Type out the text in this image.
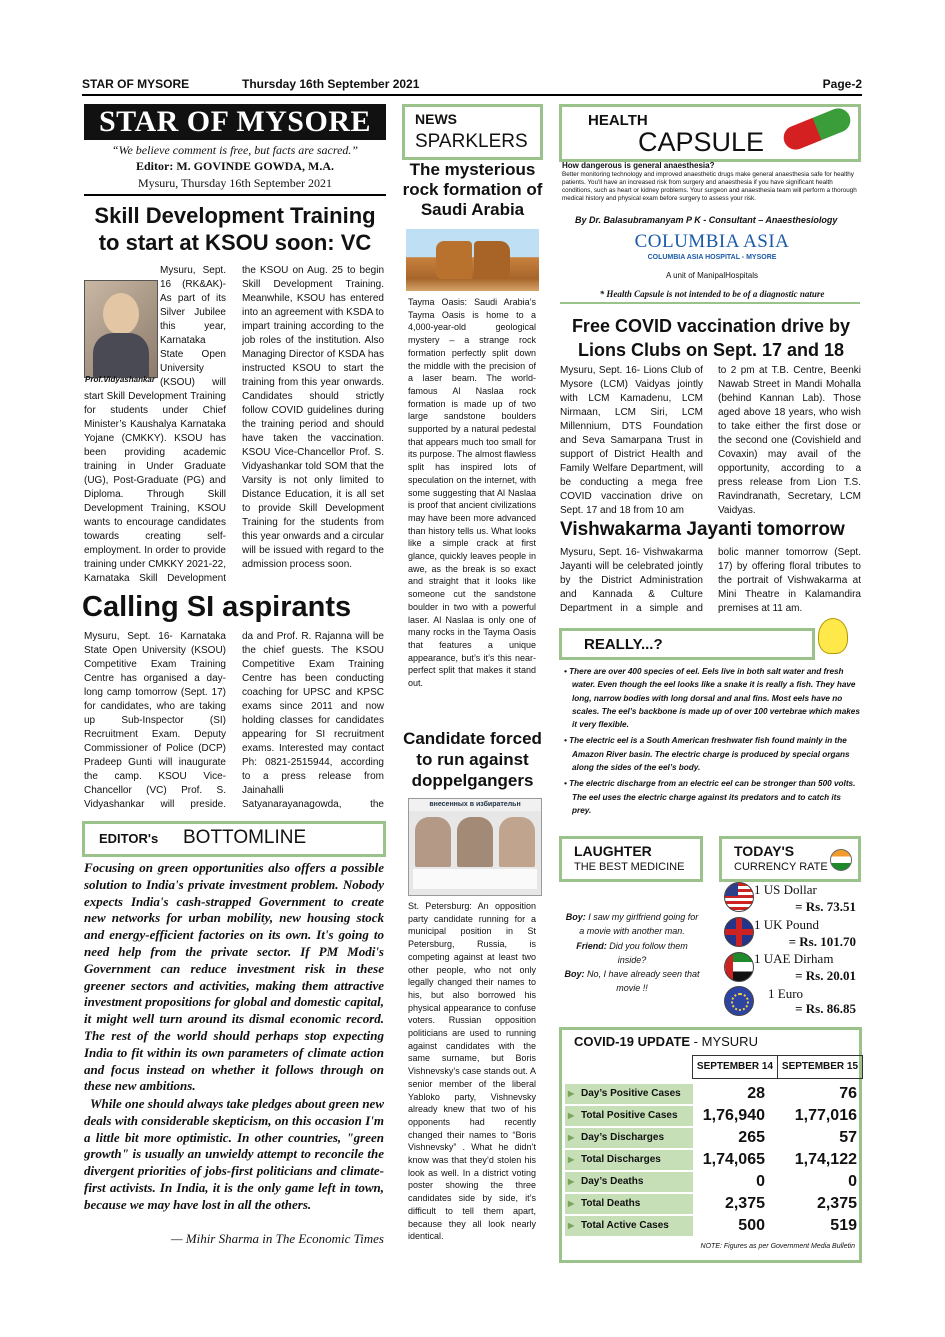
STAR OF MYSORE	Thursday 16th September 2021	Page-2
STAR OF MYSORE
“We believe comment is free, but facts are sacred.”
Editor: M. GOVINDE GOWDA, M.A.
Mysuru, Thursday 16th September 2021
Skill Development Training to start at KSOU soon: VC
Prof.Vidyashankar
Mysuru, Sept. 16 (RK&AK)- As part of its Silver Jubilee this year, Karnataka State Open University (KSOU) will start Skill Development Training for students under Chief Minister’s Kaushalya Karnataka Yojane (CMKKY). KSOU has been providing academic training in Under Graduate (UG), Post-Graduate (PG) and Diploma. Through Skill Development Training, KSOU wants to encourage candidates towards creating self-employment. In order to provide training under CMKKY 2021-22, Karnataka Skill Development
the KSOU on Aug. 25 to begin Skill Development Training. Meanwhile, KSOU has entered into an agreement with KSDA to impart training according to the job roles of the institution. Also Managing Director of KSDA has instructed KSOU to start the training from this year onwards. Candidates should strictly follow COVID guidelines during the training period and should have taken the vaccination. KSOU Vice-Chancellor Prof. S. Vidyashankar told SOM that the Varsity is not only limited to Distance Education, it is all set to provide Skill Development Training for the students from this year onwards and a circular will be issued with regard to the admission process soon.
Calling SI aspirants
Mysuru, Sept. 16- Karnataka State Open University (KSOU) Competitive Exam Training Centre has organised a day-long camp tomorrow (Sept. 17) for candidates, who are taking up Sub-Inspector (SI) Recruitment Exam. Deputy Commissioner of Police (DCP) Pradeep Gunti will inaugurate the camp. KSOU Vice-Chancellor (VC) Prof. S. Vidyashankar will preside.
da and Prof. R. Rajanna will be the chief guests. The KSOU Competitive Exam Training Centre has been conducting coaching for UPSC and KPSC exams since 2011 and now holding classes for candidates appearing for SI recruitment exams. Interested may contact Ph: 0821-2515944, according to a press release from Jainahalli Satyanarayanagowda, the
EDITOR's BOTTOMLINE
Focusing on green opportunities also offers a possible solution to India's private investment problem. Nobody expects India's cash-strapped Government to create new networks for urban mobility, new housing stock and energy-efficient factories on its own. It's going to need help from the private sector. If PM Modi's Government can reduce investment risk in these greener sectors and activities, making them attractive investment propositions for global and domestic capital, it might well turn around its dismal economic record. The rest of the world should perhaps stop expecting India to fit within its own parameters of climate action and focus instead on whether it follows through on these new ambitions.
While one should always take pledges about green new deals with considerable skepticism, on this occasion I'm a little bit more optimistic. In other countries, "green growth" is usually an unwieldy attempt to reconcile the divergent priorities of jobs-first politicians and climate-first activists. In India, it is the only game left in town, because we may have lost in all the others.
— Mihir Sharma in The Economic Times
NEWS
SPARKLERS
The mysterious rock formation of Saudi Arabia
Tayma Oasis: Saudi Arabia’s Tayma Oasis is home to a 4,000-year-old geological mystery – a strange rock formation perfectly split down the middle with the precision of a laser beam. The world-famous Al Naslaa rock formation is made up of two large sandstone boulders supported by a natural pedestal that appears much too small for its purpose. The almost flawless split has inspired lots of speculation on the internet, with some suggesting that Al Naslaa is proof that ancient civilizations may have been more advanced than history tells us. What looks like a simple crack at first glance, quickly leaves people in awe, as the break is so exact and straight that it looks like someone cut the sandstone boulder in two with a powerful laser. Al Naslaa is only one of many rocks in the Tayma Oasis that features a unique appearance, but’s it’s this near-perfect split that makes it stand out.
Candidate forced to run against doppelgangers
внесенных в избирательн
St. Petersburg: An opposition party candidate running for a municipal position in St Petersburg, Russia, is competing against at least two other people, who not only legally changed their names to his, but also borrowed his physical appearance to confuse voters. Russian opposition politicians are used to running against candidates with the same surname, but Boris Vishnevsky’s case stands out. A senior member of the liberal Yabloko party, Vishnevsky already knew that two of his opponents had recently changed their names to “Boris Vishnevsky” . What he didn’t know was that they’d stolen his look as well. In a district voting poster showing the three candidates side by side, it’s difficult to tell them apart, because they all look nearly identical.
HEALTH
CAPSULE
How dangerous is general anaesthesia?
Better monitoring technology and improved anaesthetic drugs make general anaesthesia safe for healthy patients. You'll have an increased risk from surgery and anaesthesia if you have significant health conditions, such as heart or kidney problems. Your surgeon and anaesthesia team will perform a thorough medical history and physical exam before surgery to assess your risk.
By Dr. Balasubramanyam P K - Consultant – Anaesthesiology
COLUMBIA ASIA
COLUMBIA ASIA HOSPITAL - MYSORE
A unit of ManipalHospitals
* Health Capsule is not intended to be of a diagnostic nature
Free COVID vaccination drive by Lions Clubs on Sept. 17 and 18
Mysuru, Sept. 16- Lions Club of Mysore (LCM) Vaidyas jointly with LCM Kamadenu, LCM Nirmaan, LCM Siri, LCM Millennium, DTS Foundation and Seva Samarpana Trust in support of District Health and Family Welfare Department, will be conducting a mega free COVID vaccination drive on Sept. 17 and 18 from 10 am
to 2 pm at T.B. Centre, Beenki Nawab Street in Mandi Mohalla (behind Kannan Lab). Those aged above 18 years, who wish to take either the first dose or the second one (Covishield and Covaxin) may avail of the opportunity, according to a press release from Lion T.S. Ravindranath, Secretary, LCM Vaidyas.
Vishwakarma Jayanti tomorrow
Mysuru, Sept. 16- Vishwakarma Jayanti will be celebrated jointly by the District Administration and Kannada & Culture Department in a simple and
bolic manner tomorrow (Sept. 17) by offering floral tributes to the portrait of Vishwakarma at Mini Theatre in Kalamandira premises at 11 am.
REALLY...?
• There are over 400 species of eel. Eels live in both salt water and fresh water. Even though the eel looks like a snake it is really a fish. They have long, narrow bodies with long dorsal and anal fins. Most eels have no scales. The eel’s backbone is made up of over 100 vertebrae which makes it very flexible.
• The electric eel is a South American freshwater fish found mainly in the Amazon River basin. The electric charge is produced by special organs along the sides of the eel’s body.
• The electric discharge from an electric eel can be stronger than 500 volts. The eel uses the electric charge against its predators and to catch its prey.
LAUGHTER
THE BEST MEDICINE
Boy: I saw my girlfriend going for a movie with another man.
Friend: Did you follow them inside?
Boy: No, I have already seen that movie !!
TODAY'S
CURRENCY RATE
1 US Dollar
= Rs. 73.51
1 UK Pound
= Rs. 101.70
1 UAE Dirham
= Rs. 20.01
1 Euro
= Rs. 86.85
COVID-19 UPDATE - MYSURU
SEPTEMBER 14 SEPTEMBER 15
▶ Day’s Positive Cases	28	76
▶ Total Positive Cases	1,76,940	1,77,016
▶ Day’s Discharges	265	57
▶ Total Discharges	1,74,065	1,74,122
▶ Day’s Deaths	0	0
▶ Total Deaths	2,375	2,375
▶ Total Active Cases	500	519
NOTE: Figures as per Government Media Bulletin
